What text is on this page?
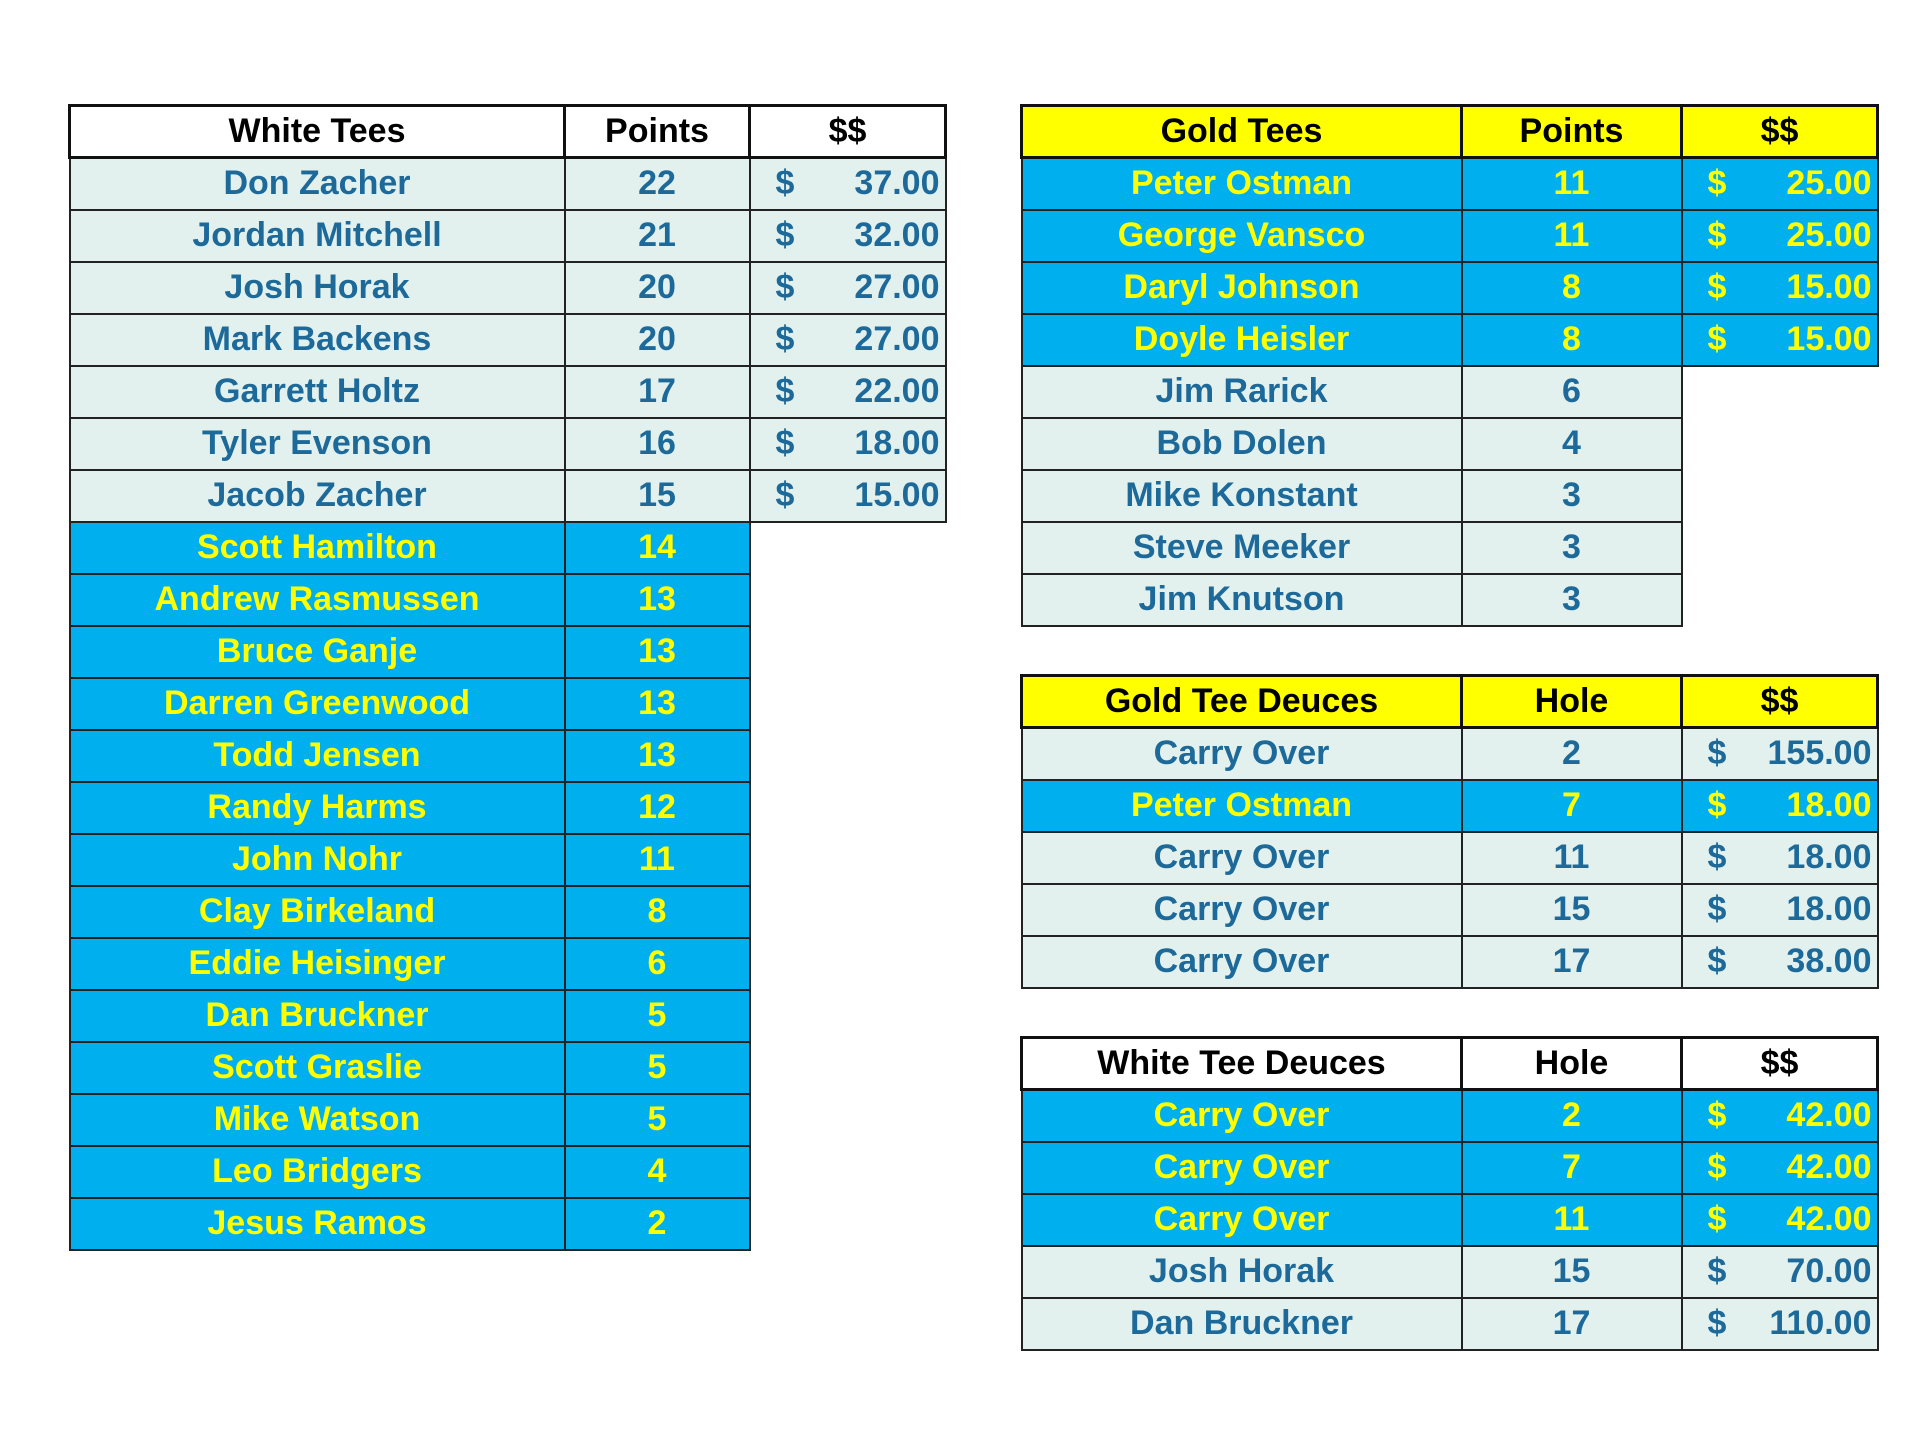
White Tees	Points	$$
Don Zacher	22	$ 37.00
Jordan Mitchell	21	$ 32.00
Josh Horak	20	$ 27.00
Mark Backens	20	$ 27.00
Garrett Holtz	17	$ 22.00
Tyler Evenson	16	$ 18.00
Jacob Zacher	15	$ 15.00
Scott Hamilton	14	
Andrew Rasmussen	13	
Bruce Ganje	13	
Darren Greenwood	13	
Todd Jensen	13	
Randy Harms	12	
John Nohr	11	
Clay Birkeland	8	
Eddie Heisinger	6	
Dan Bruckner	5	
Scott Graslie	5	
Mike Watson	5	
Leo Bridgers	4	
Jesus Ramos	2	
Gold Tees	Points	$$
Peter Ostman	11	$ 25.00
George Vansco	11	$ 25.00
Daryl Johnson	8	$ 15.00
Doyle Heisler	8	$ 15.00
Jim Rarick	6	
Bob Dolen	4	
Mike Konstant	3	
Steve Meeker	3	
Jim Knutson	3	
Gold Tee Deuces	Hole	$$
Carry Over	2	$ 155.00
Peter Ostman	7	$ 18.00
Carry Over	11	$ 18.00
Carry Over	15	$ 18.00
Carry Over	17	$ 38.00
White Tee Deuces	Hole	$$
Carry Over	2	$ 42.00
Carry Over	7	$ 42.00
Carry Over	11	$ 42.00
Josh Horak	15	$ 70.00
Dan Bruckner	17	$ 110.00
